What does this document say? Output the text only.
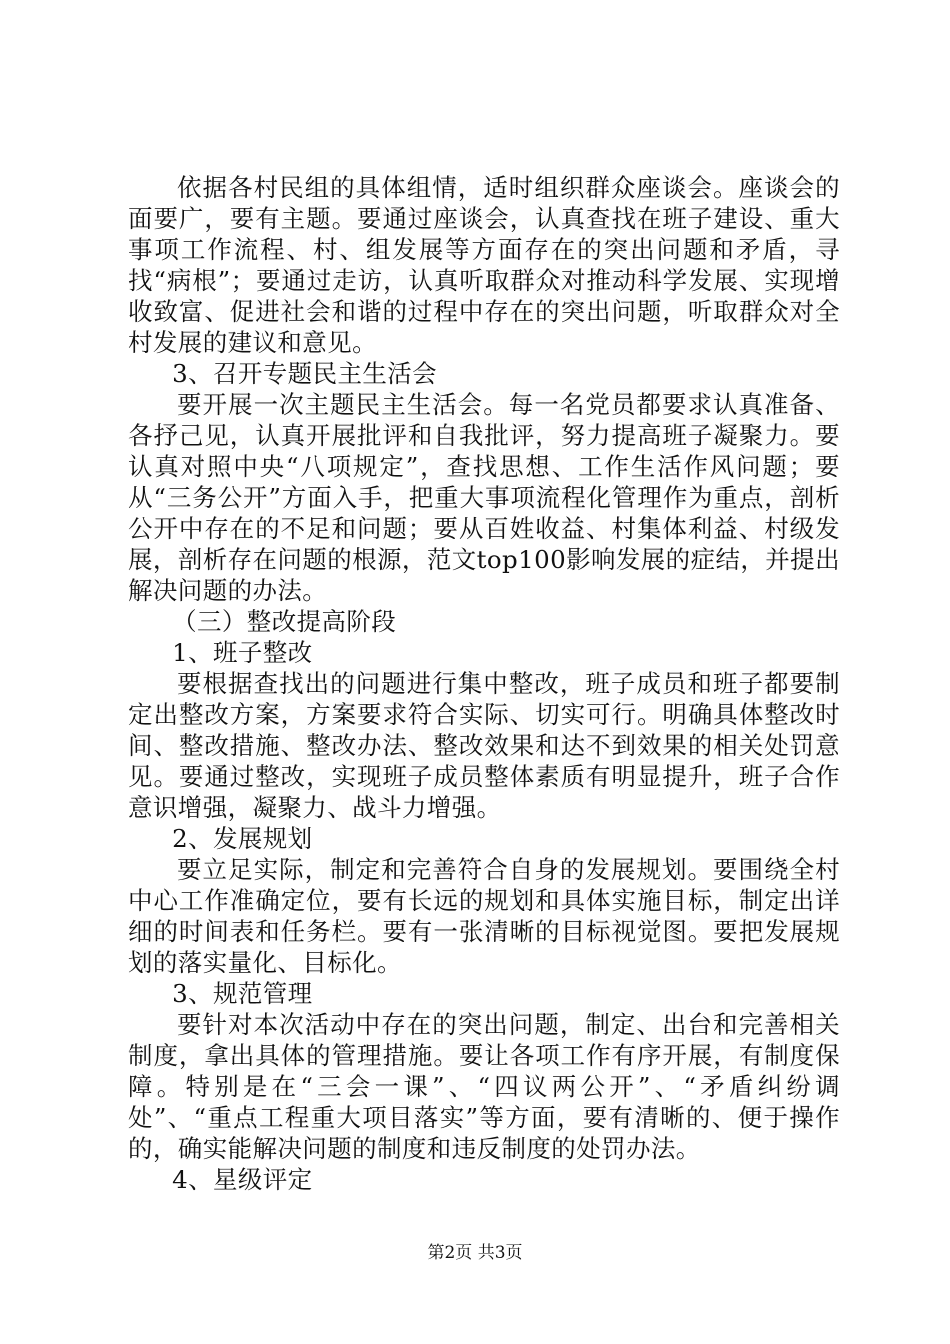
依据各村民组的具体组情，适时组织群众座谈会。座谈会的面要广，要有主题。要通过座谈会，认真查找在班子建设、重大事项工作流程、村、组发展等方面存在的突出问题和矛盾，寻找“病根”；要通过走访，认真听取群众对推动科学发展、实现增收致富、促进社会和谐的过程中存在的突出问题，听取群众对全村发展的建议和意见。

3、召开专题民主生活会

要开展一次主题民主生活会。每一名党员都要求认真准备、各抒己见，认真开展批评和自我批评，努力提高班子凝聚力。要认真对照中央“八项规定”，查找思想、工作生活作风问题；要从“三务公开”方面入手，把重大事项流程化管理作为重点，剖析公开中存在的不足和问题；要从百姓收益、村集体利益、村级发展，剖析存在问题的根源，范文top100影响发展的症结，并提出解决问题的办法。

（三）整改提高阶段

1、班子整改

要根据查找出的问题进行集中整改，班子成员和班子都要制定出整改方案，方案要求符合实际、切实可行。明确具体整改时间、整改措施、整改办法、整改效果和达不到效果的相关处罚意见。要通过整改，实现班子成员整体素质有明显提升，班子合作意识增强，凝聚力、战斗力增强。

2、发展规划

要立足实际，制定和完善符合自身的发展规划。要围绕全村中心工作准确定位，要有长远的规划和具体实施目标，制定出详细的时间表和任务栏。要有一张清晰的目标视觉图。要把发展规划的落实量化、目标化。

3、规范管理

要针对本次活动中存在的突出问题，制定、出台和完善相关制度，拿出具体的管理措施。要让各项工作有序开展，有制度保障。特别是在“三会一课”、“四议两公开”、“矛盾纠纷调处”、“重点工程重大项目落实”等方面，要有清晰的、便于操作的，确实能解决问题的制度和违反制度的处罚办法。

4、星级评定

第2页 共3页
